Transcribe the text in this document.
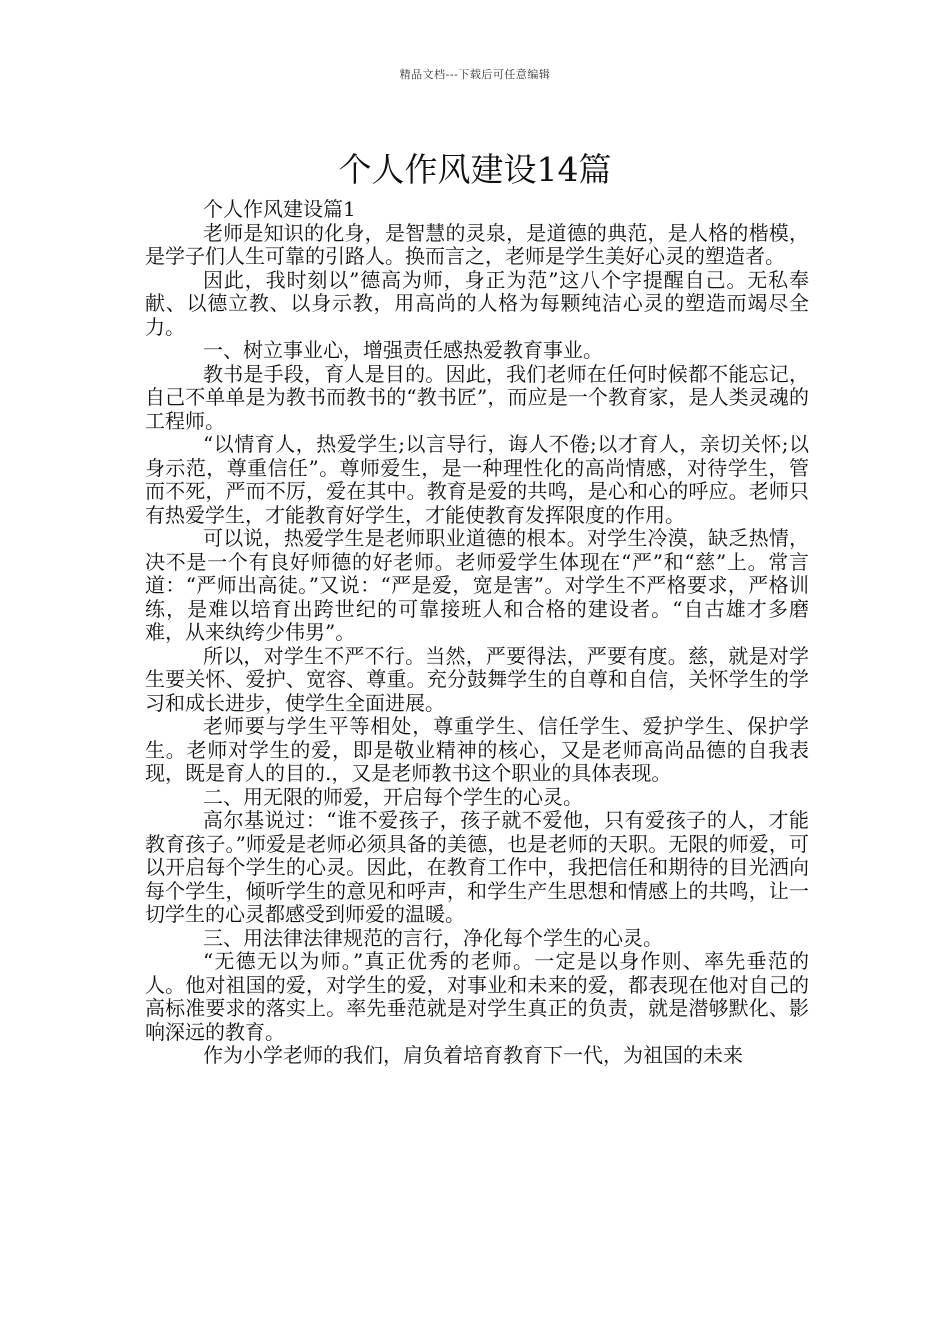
精品文档---下载后可任意编辑
个人作风建设14篇

个人作风建设篇1

老师是知识的化身，是智慧的灵泉，是道德的典范，是人格的楷模，是学子们人生可靠的引路人。换而言之，老师是学生美好心灵的塑造者。

因此，我时刻以”德高为师，身正为范”这八个字提醒自己。无私奉献、以德立教、以身示教，用高尚的人格为每颗纯洁心灵的塑造而竭尽全力。

一、树立事业心，增强责任感热爱教育事业。

教书是手段，育人是目的。因此，我们老师在任何时候都不能忘记，自己不单单是为教书而教书的“教书匠”，而应是一个教育家，是人类灵魂的工程师。

“以情育人，热爱学生;以言导行，诲人不倦;以才育人，亲切关怀;以身示范，尊重信任”。尊师爱生，是一种理性化的高尚情感，对待学生，管而不死，严而不厉，爱在其中。教育是爱的共鸣，是心和心的呼应。老师只有热爱学生，才能教育好学生，才能使教育发挥限度的作用。

可以说，热爱学生是老师职业道德的根本。对学生冷漠，缺乏热情，决不是一个有良好师德的好老师。老师爱学生体现在“严”和“慈”上。常言道：“严师出高徒。”又说：“严是爱，宽是害”。对学生不严格要求，严格训练，是难以培育出跨世纪的可靠接班人和合格的建设者。“自古雄才多磨难，从来纨绔少伟男”。

所以，对学生不严不行。当然，严要得法，严要有度。慈，就是对学生要关怀、爱护、宽容、尊重。充分鼓舞学生的自尊和自信，关怀学生的学习和成长进步，使学生全面进展。

老师要与学生平等相处，尊重学生、信任学生、爱护学生、保护学生。老师对学生的爱，即是敬业精神的核心，又是老师高尚品德的自我表现，既是育人的目的.，又是老师教书这个职业的具体表现。

二、用无限的师爱，开启每个学生的心灵。

高尔基说过：“谁不爱孩子，孩子就不爱他，只有爱孩子的人，才能教育孩子。”师爱是老师必须具备的美德，也是老师的天职。无限的师爱，可以开启每个学生的心灵。因此，在教育工作中，我把信任和期待的目光洒向每个学生，倾听学生的意见和呼声，和学生产生思想和情感上的共鸣，让一切学生的心灵都感受到师爱的温暖。

三、用法律法律规范的言行，净化每个学生的心灵。

“无德无以为师。”真正优秀的老师。一定是以身作则、率先垂范的人。他对祖国的爱，对学生的爱，对事业和未来的爱，都表现在他对自己的高标准要求的落实上。率先垂范就是对学生真正的负责，就是潜够默化、影响深远的教育。

作为小学老师的我们，肩负着培育教育下一代，为祖国的未来
